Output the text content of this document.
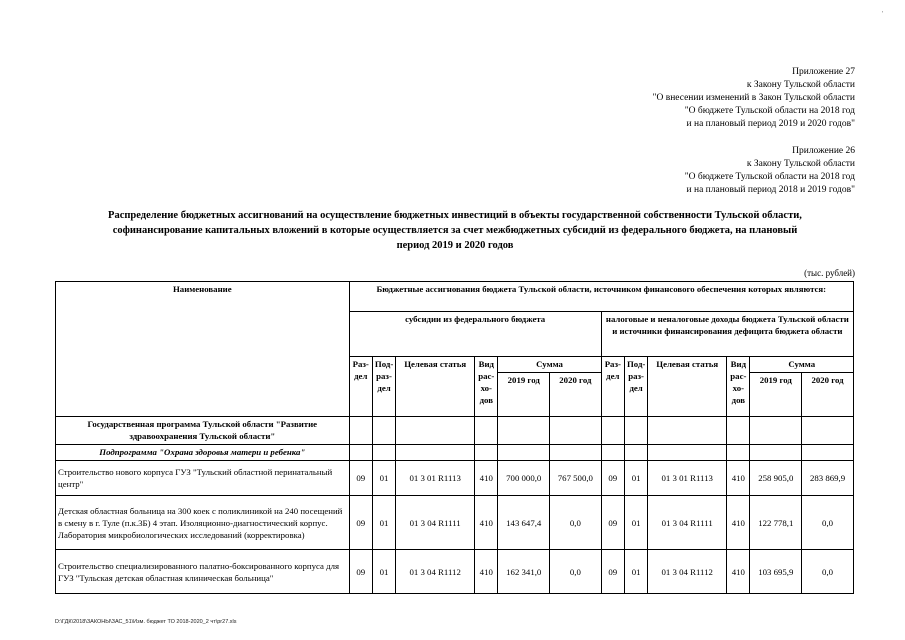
'
Приложение 27
к Закону Тульской области
"О внесении изменений в Закон Тульской области
"О бюджете Тульской области на 2018 год
и на плановый период 2019 и 2020 годов"
Приложение 26
к Закону Тульской области
"О бюджете Тульской области на 2018 год
и на плановый период 2018 и 2019 годов"
Распределение бюджетных ассигнований на осуществление бюджетных инвестиций в объекты государственной собственности Тульской области,
софинансирование капитальных вложений в которые осуществляется за счет межбюджетных субсидий из федерального бюджета, на плановый
период 2019 и 2020 годов
(тыс. рублей)
Наименование	Бюджетные ассигнования бюджета Тульской области, источником финансового обеспечения которых являются:											
	субсидии из федерального бюджета						налоговые и неналоговые доходы бюджета Тульской области и источники финансирования дефицита бюджета области					
	Раз-дел	Под-раз-дел	Целевая статья	Вид рас-хо-дов	Сумма		Раз-дел	Под-раз-дел	Целевая статья	Вид рас-хо-дов	Сумма	
					2019 год	2020 год					2019 год	2020 год
Государственная программа Тульской области "Развитие здравоохранения Тульской области"												
Подпрограмма "Охрана здоровья матери и ребенка"												
Строительство нового корпуса ГУЗ "Тульский областной перинатальный центр"	09	01	01 3 01 R1113	410	700 000,0	767 500,0	09	01	01 3 01 R1113	410	258 905,0	283 869,9
Детская областная больница на 300 коек с поликлиникой на 240 посещений в смену в г. Туле (п.к.3Б) 4 этап. Изоляционно-диагностический корпус. Лаборатория микробиологических исследований (корректировка)	09	01	01 3 04 R1111	410	143 647,4	0,0	09	01	01 3 04 R1111	410	122 778,1	0,0
Строительство специализированного палатно-боксированного корпуса для ГУЗ "Тульская детская областная клиническая больница"	09	01	01 3 04 R1112	410	162 341,0	0,0	09	01	01 3 04 R1112	410	103 695,9	0,0
D:\ГДК\2018\ЗАКОНЫ\ЗАС_51\Изм. бюджет ТО 2018-2020_2 чт\pr27.xls
